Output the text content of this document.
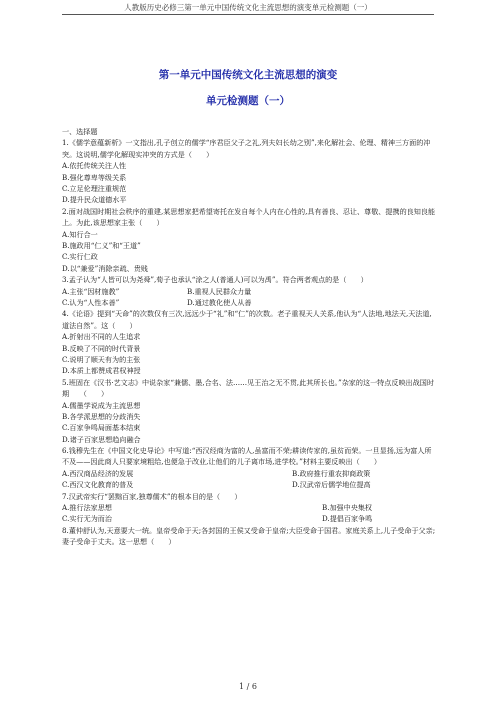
人教版历史必修三第一单元中国传统文化主流思想的演变单元检测题（一）
第一单元中国传统文化主流思想的演变
单元检测题（一）
一、选择题
1.《儒学意蕴新析》一文指出,孔子创立的儒学“序君臣父子之礼,列夫妇长幼之别”,来化解社会、伦理、精神三方面的冲突。这说明,儒学化解现实冲突的方式是（　　）
A.依托传统关注人性
B.强化尊卑等级关系
C.立足伦理注重规范
D.提升民众道德水平
2.面对战国时期社会秩序的重建,某思想家把希望寄托在发自每个人内在心性的,具有善良、忍让、尊敬、提携的良知良能上。为此,该思想家主张（　　）
A.知行合一
B.施政用“仁义”和“王道”
C.实行仁政
D.以“兼爱”消除亲疏、贵贱
3.孟子认为“人皆可以为尧舜”,荀子也承认“涂之人(普通人)可以为禹”。符合两者观点的是（　　）
A.主张“因材施教”	B.重视人民群众力量
C.认为“人性本善”	D.通过教化使人从善
4.《论语》提到“天命”的次数仅有三次,远远少于“礼”和“仁”的次数。老子重视天人关系,他认为“人法地,地法天,天法道,道法自然”。这（　　）
A.折射出不同的人生追求
B.反映了不同的时代背景
C.说明了顺天有为的主张
D.本质上都赞成君权神授
5.班固在《汉书·艺文志》中说杂家“兼儒、墨,合名、法……见王治之无不贯,此其所长也。”杂家的这一特点反映出战国时期　　（　　）
A.儒墨学说成为主流思想
B.各学派思想的分歧消失
C.百家争鸣局面基本结束
D.诸子百家思想趋向融合
6.钱穆先生在《中国文化史导论》中写道:“西汉经商为富的人,虽富而不荣;耕读传家的,虽贫而荣。一旦显扬,远为富人所不及——因此商人只要家境粗给,也便急于改业,让他们的儿子离市场,进学校。”材料主要反映出（　　）
A.西汉商品经济的发展	B.政府推行重农抑商政策
C.西汉文化教育的普及	D.汉武帝后儒学地位提高
7.汉武帝实行“罢黜百家,独尊儒术”的根本目的是（　　）
A.推行法家思想	B.加强中央集权
C.实行无为而治	D.提倡百家争鸣
8.董仲舒认为,天意要大一统。皇帝受命于天;各封国的王侯又受命于皇帝;大臣受命于国君。家庭关系上,儿子受命于父亲;妻子受命于丈夫。这一思想（　　）
1 / 6
